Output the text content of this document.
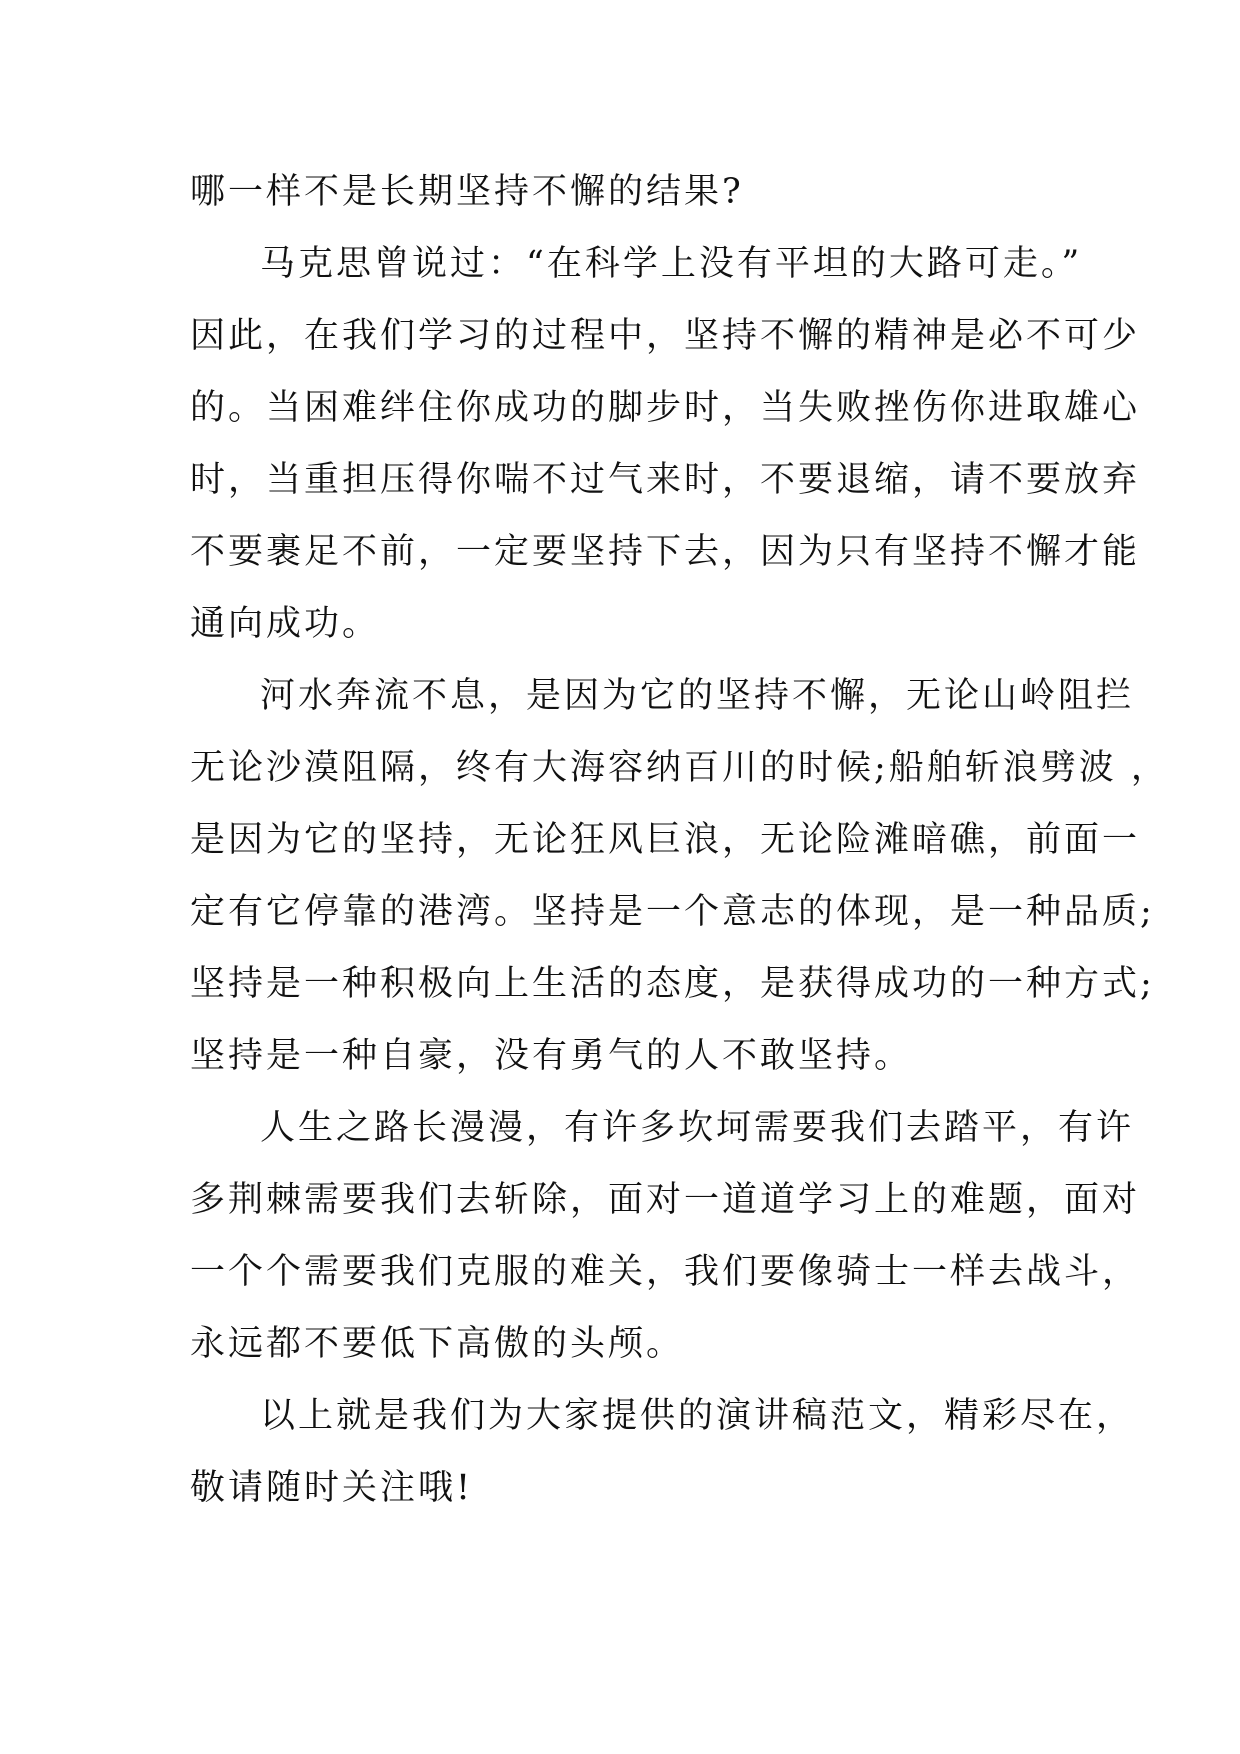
哪一样不是长期坚持不懈的结果?
马克思曾说过：“在科学上没有平坦的大路可走。”
因此，在我们学习的过程中，坚持不懈的精神是必不可少
的。当困难绊住你成功的脚步时，当失败挫伤你进取雄心
时，当重担压得你喘不过气来时，不要退缩，请不要放弃
不要裹足不前，一定要坚持下去，因为只有坚持不懈才能
通向成功。
河水奔流不息，是因为它的坚持不懈，无论山岭阻拦
无论沙漠阻隔，终有大海容纳百川的时候;船舶斩浪劈波 ，
是因为它的坚持，无论狂风巨浪，无论险滩暗礁，前面一
定有它停靠的港湾。坚持是一个意志的体现，是一种品质;
坚持是一种积极向上生活的态度，是获得成功的一种方式;
坚持是一种自豪，没有勇气的人不敢坚持。
人生之路长漫漫，有许多坎坷需要我们去踏平，有许
多荆棘需要我们去斩除，面对一道道学习上的难题，面对
一个个需要我们克服的难关，我们要像骑士一样去战斗，
永远都不要低下高傲的头颅。
以上就是我们为大家提供的演讲稿范文，精彩尽在，
敬请随时关注哦!
